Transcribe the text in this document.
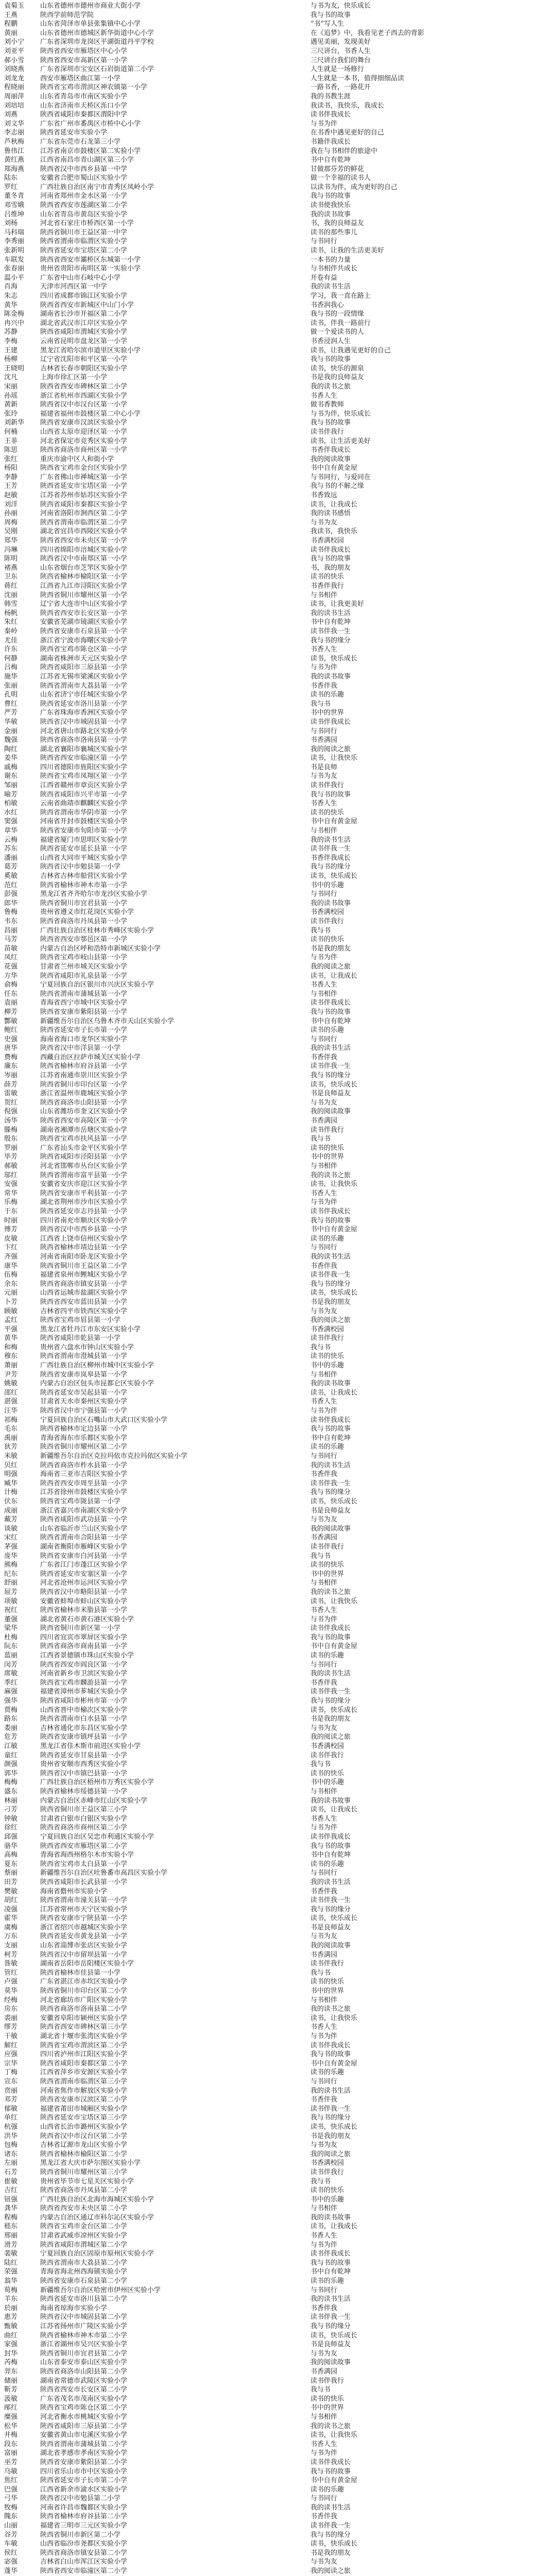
袁菊玉	山东省德州市德州市商业大街小学	与书为友，快乐成长
王燕	陕西学前师范学院	我与书的故事
程鹏	山东省菏泽市单县张集镇中心小学	“书”写人生
黄丽	山东省德州市德城区新华街道中心小学	在《追梦》中，我看见老子西去的背影
刘小宁	广东省深圳市龙岗区平湖街道丹平学校	遇见美丽，发现美好
刘亚平	陕西省西安市雁塔区中心小学	三尺讲台，书香人生
郝小雪	陕西省西安市高新区第一小学	三尺讲台我们的舞台
刘晓燕	广东省深圳市宝安区石岩街道第二小学	人生就是一场修行
刘龙龙	西安市雁塔区曲江第一小学	人生就是一本书，值得细细品读
程晓丽	陕西省宝鸡市渭滨区神农镇第一小学	一路书香，一路花开
周丽萍	山东省青岛市市南区实验小学	我的书教生涯
刘培培	山东省济南市天桥区泺口小学	我读书，我快乐，我成长
刘燕	陕西省咸阳市秦都区渭阳中学	读书伴我成长
刘文华	广东省广州市番禺区市桥中心小学	与书为伴
李志丽	陕西省延安市实验小学	在书香中遇见更好的自己
芦秋梅	广东省东莞市石龙第三小学	书籍伴我成长
鲁伟江	江苏省南京市鼓楼区第二实验小学	我在与书相伴的旅途中
黄红燕	江西省南昌市青山湖区第三小学	书中自有乾坤
郑海燕	陕西省汉中市西乡县第一中学	甘做那芬芳的鲜花
陆东	安徽省合肥市蜀山区实验小学	做一个幸福的读书人
罗红	广西壮族自治区南宁市青秀区凤岭小学	以读书为伴，成为更好的自己
董冬青	河南省郑州市金水区第一小学	我与书的故事
邓雪娥	陕西省西安市莲湖区第二小学	读书使我快乐
吕维坤	山东省青岛市黄岛区实验小学	我的读书故事
刘杨	河北省石家庄市桥西区第一小学	书，我的良师益友
马科瑞	陕西省铜川市王益区第一中学	读书的那些事儿
李秀丽	陕西省渭南市临渭区实验小学	与书同行
张新明	陕西省延安市宝塔区第二小学	读书，让我的生活更美好
车联发	陕西省西安市灞桥区东城第一小学	一本书的力量
张春丽	贵州省贵阳市南明区第一实验小学	与书相伴共成长
温小平	广东省中山市石岐中心小学	开卷有益
肖海	天津市河西区第一中学	我的读书生活
朱志	四川省成都市锦江区实验小学	学习，我一直在路上
黄华	陕西省西安市新城区中山门小学	书香润我心
陈金梅	湖南省长沙市开福区第二小学	我与书的一段情缘
冉兴中	湖北省武汉市江岸区实验小学	读书，伴我一路前行
苏静	陕西省咸阳市渭城区实验小学	做一个爱读书的人
李梅	云南省昆明市盘龙区第一小学	书香浸润人生
王建	黑龙江省哈尔滨市道里区实验小学	读书，让我遇见更好的自己
杨柳	辽宁省沈阳市和平区第一小学	我与书的故事
王晓明	吉林省长春市朝阳区实验小学	读书，快乐的源泉
沈凡	上海市徐汇区第一小学	书是我的良师益友
宋丽	陕西省西安市碑林区第二小学	我的读书之旅
孙瑶	浙江省杭州市西湖区实验小学	书香人生
黄新	陕西省汉中市汉台区第一小学	做书香教师
张玲	福建省福州市鼓楼区第二中心小学	与书为伴，快乐成长
刘新华	陕西省安康市汉滨区实验小学	我与书的故事
何楠	山西省太原市迎泽区第一小学	读书伴我行
王菲	河北省保定市竞秀区实验小学	读书，让生活更美好
陈思	陕西省商洛市商州区第一小学	书香伴我成长
张红	重庆市渝中区人和街小学	我的阅读故事
杨阳	陕西省宝鸡市金台区实验小学	书中自有黄金屋
李静	广东省佛山市禅城区第一小学	与书同行，与爱同在
王芳	陕西省延安市宝塔区第一小学	我与书的不解之缘
赵敏	江苏省苏州市姑苏区实验小学	书香致远
刘洋	陕西省咸阳市秦都区实验小学	读书，让我成长
孙丽	河南省洛阳市涧西区第二小学	我的读书感悟
周梅	陕西省渭南市临渭区第二小学	与书为友
吴刚	湖北省宜昌市西陵区实验小学	我读书，我快乐
郑华	陕西省西安市未央区第一小学	书香满校园
冯琳	四川省绵阳市涪城区实验小学	读书伴我成长
陈明	陕西省汉中市南郑区第一小学	我与书的故事
褚燕	山东省烟台市芝罘区实验小学	书，我的朋友
卫东	陕西省榆林市榆阳区第一小学	读书的快乐
蒋红	江西省九江市浔阳区实验小学	书香伴我行
沈丽	陕西省铜川市耀州区第一小学	与书相伴
韩雪	辽宁省大连市中山区实验小学	读书，让我更美好
杨帆	陕西省西安市长安区第一小学	我的读书生活
朱红	安徽省芜湖市镜湖区实验小学	书中自有乾坤
秦岭	陕西省安康市石泉县第一小学	读书伴我一生
尤佳	浙江省宁波市海曙区实验小学	我与书的缘分
许东	陕西省宝鸡市陈仓区第一小学	书香人生
何静	湖南省株洲市天元区实验小学	读书，快乐成长
吕梅	陕西省咸阳市三原县第一小学	与书为伴
施华	江苏省无锡市梁溪区实验小学	我的读书故事
张丽	陕西省渭南市大荔县第一小学	书香伴我
孔明	山东省济宁市任城区实验小学	读书的乐趣
曹红	陕西省延安市洛川县第一小学	我与书
严芳	广东省珠海市香洲区实验小学	书中的世界
华敏	陕西省汉中市城固县第一小学	读书伴我成长
金丽	河北省唐山市路北区实验小学	与书同行
魏强	陕西省商洛市洛南县第一小学	书香满园
陶红	湖北省襄阳市襄城区实验小学	我的阅读之旅
姜华	陕西省西安市临潼区第一小学	读书，让我快乐
戚梅	四川省德阳市旌阳区实验小学	书是良师
谢东	陕西省宝鸡市凤翔区第一小学	与书为友
邹丽	江西省赣州市章贡区实验小学	读书伴我行
喻芳	陕西省咸阳市兴平市第一小学	我与书的故事
柏敏	云南省曲靖市麒麟区实验小学	书香人生
水红	陕西省渭南市华阴市第一小学	读书的快乐
窦强	河南省开封市鼓楼区实验小学	书中自有黄金屋
章华	陕西省安康市旬阳市第一小学	与书相伴
云梅	福建省厦门市思明区实验小学	我的读书生活
苏东	陕西省延安市延长县第一小学	读书伴我一生
潘丽	山西省大同市平城区实验小学	书香伴我成长
葛芳	陕西省汉中市勉县第一小学	我与书的缘分
奚敏	吉林省吉林市船营区实验小学	读书，快乐成长
范红	陕西省榆林市神木市第一小学	书中的乐趣
彭强	黑龙江省齐齐哈尔市龙沙区实验小学	与书同行
郎华	陕西省铜川市宜君县第一小学	我的读书故事
鲁梅	贵州省遵义市红花岗区实验小学	书香满校园
韦东	陕西省商洛市丹凤县第一小学	读书伴我行
昌丽	广西壮族自治区桂林市秀峰区实验小学	我与书
马芳	陕西省西安市鄠邑区第一小学	读书的快乐
苗敏	内蒙古自治区呼和浩特市新城区实验小学	书是我的朋友
凤红	陕西省宝鸡市岐山县第一小学	与书为伴
花强	甘肃省兰州市城关区实验小学	我的阅读之旅
方华	陕西省咸阳市礼泉县第一小学	读书，让我成长
俞梅	宁夏回族自治区银川市兴庆区实验小学	书香人生
任东	陕西省渭南市蒲城县第一小学	与书相伴
袁丽	青海省西宁市城中区实验小学	读书伴我成长
柳芳	陕西省安康市紫阳县第一小学	我与书的故事
酆敏	新疆维吾尔自治区乌鲁木齐市天山区实验小学	书中自有乾坤
鲍红	陕西省延安市子长市第一小学	读书的乐趣
史强	海南省海口市龙华区实验小学	与书同行
唐华	陕西省汉中市洋县第一小学	我的读书生活
费梅	西藏自治区拉萨市城关区实验小学	书香伴我
廉东	陕西省榆林市府谷县第一小学	读书伴我一生
岑丽	江苏省南通市崇川区实验小学	我与书的缘分
薛芳	陕西省铜川市印台区第一小学	读书，快乐成长
雷敏	浙江省温州市鹿城区实验小学	书是良师益友
贺红	陕西省商洛市山阳县第一小学	与书为友
倪强	山东省潍坊市奎文区实验小学	我的阅读故事
汤华	陕西省西安市高陵区第一小学	书香满园
滕梅	湖南省湘潭市岳塘区实验小学	读书伴我行
殷东	陕西省宝鸡市扶风县第一小学	我与书
罗丽	广东省汕头市金平区实验小学	读书的快乐
毕芳	陕西省咸阳市泾阳县第一小学	书中的世界
郝敏	河北省邯郸市丛台区实验小学	与书相伴
邬红	陕西省渭南市富平县第一小学	我的读书之旅
安强	安徽省安庆市迎江区实验小学	读书，让我快乐
常华	陕西省安康市平利县第一小学	书香人生
乐梅	湖北省荆州市沙市区实验小学	与书为伴
于东	陕西省延安市志丹县第一小学	读书伴我成长
时丽	四川省南充市顺庆区实验小学	我与书的故事
傅芳	陕西省汉中市西乡县第一小学	书中自有黄金屋
皮敏	江西省上饶市信州区实验小学	读书的乐趣
卞红	陕西省榆林市靖边县第一小学	与书同行
齐强	河南省南阳市卧龙区实验小学	我的读书生活
康华	陕西省铜川市王益区第二小学	书香伴我
伍梅	福建省泉州市鲤城区实验小学	读书伴我一生
余东	陕西省商洛市镇安县第一小学	我与书的缘分
元丽	山西省运城市盐湖区实验小学	读书，快乐成长
卜芳	陕西省西安市蓝田县第一小学	书是我的朋友
顾敏	吉林省四平市铁西区实验小学	与书为友
孟红	陕西省宝鸡市眉县第一小学	我的阅读之旅
平强	黑龙江省牡丹江市东安区实验小学	书香满校园
黄华	陕西省咸阳市乾县第一小学	读书伴我行
和梅	贵州省六盘水市钟山区实验小学	我与书
穆东	陕西省渭南市澄城县第一小学	读书的快乐
萧丽	广西壮族自治区柳州市城中区实验小学	书中的乐趣
尹芳	陕西省安康市岚皋县第一小学	与书相伴
姚敏	内蒙古自治区包头市昆都仑区实验小学	我的读书故事
邵红	陕西省延安市吴起县第一小学	读书，让我成长
湛强	甘肃省天水市秦州区实验小学	书香人生
汪华	陕西省汉中市宁强县第一小学	与书为伴
祁梅	宁夏回族自治区石嘴山市大武口区实验小学	读书伴我成长
毛东	陕西省榆林市定边县第一小学	我与书的故事
禹丽	青海省海东市乐都区实验小学	书中自有乾坤
狄芳	陕西省铜川市耀州区第二小学	读书的乐趣
米敏	新疆维吾尔自治区克拉玛依市克拉玛依区实验小学	与书同行
贝红	陕西省商洛市柞水县第一小学	我的读书生活
明强	海南省三亚市吉阳区实验小学	书香伴我
臧华	陕西省西安市周至县第一小学	读书伴我一生
计梅	江苏省徐州市鼓楼区实验小学	我与书的缘分
伏东	陕西省宝鸡市陇县第一小学	读书，快乐成长
成丽	浙江省嘉兴市南湖区实验小学	书是良师益友
戴芳	陕西省咸阳市武功县第一小学	与书为友
谈敏	山东省临沂市兰山区实验小学	我的阅读故事
宋红	陕西省渭南市合阳县第一小学	书香满园
茅强	湖南省衡阳市雁峰区实验小学	读书伴我行
庞华	陕西省安康市白河县第一小学	我与书
熊梅	广东省江门市蓬江区实验小学	读书的快乐
纪东	陕西省延安市安塞区第一小学	书中的世界
舒丽	河北省沧州市运河区实验小学	与书相伴
屈芳	陕西省汉中市略阳县第一小学	我的读书之旅
项敏	安徽省蚌埠市蚌山区实验小学	读书，让我快乐
祝红	陕西省榆林市米脂县第一小学	书香人生
董强	湖北省黄石市黄石港区实验小学	与书为伴
梁华	陕西省铜川市新区第一小学	读书伴我成长
杜梅	四川省宜宾市翠屏区实验小学	我与书的故事
阮东	陕西省商洛市商南县第一小学	书中自有黄金屋
蓝丽	江西省景德镇市珠山区实验小学	读书的乐趣
闵芳	陕西省西安市阎良区第一小学	与书同行
席敏	河南省新乡市卫滨区实验小学	我的读书生活
季红	陕西省宝鸡市麟游县第一小学	书香伴我
麻强	福建省漳州市芗城区实验小学	读书伴我一生
强华	陕西省咸阳市彬州市第一小学	我与书的缘分
贾梅	山西省晋中市榆次区实验小学	读书，快乐成长
路东	陕西省渭南市白水县第一小学	书是我的朋友
娄丽	吉林省通化市东昌区实验小学	与书为友
危芳	陕西省安康市镇坪县第一小学	我的阅读之旅
江敏	黑龙江省佳木斯市前进区实验小学	书香满校园
童红	陕西省延安市甘泉县第一小学	读书伴我行
颜强	贵州省安顺市西秀区实验小学	我与书
郭华	陕西省汉中市镇巴县第一小学	读书的快乐
梅梅	广西壮族自治区梧州市万秀区实验小学	书中的乐趣
盛东	陕西省榆林市绥德县第一小学	与书相伴
林丽	内蒙古自治区赤峰市红山区实验小学	我的读书故事
刁芳	陕西省铜川市王益区第三小学	读书，让我成长
钟敏	甘肃省白银市白银区实验小学	书香人生
徐红	陕西省商洛市商州区第二小学	与书为伴
邱强	宁夏回族自治区吴忠市利通区实验小学	读书伴我成长
骆华	陕西省西安市雁塔区第二小学	我与书的故事
高梅	青海省海西州格尔木市实验小学	书中自有乾坤
夏东	陕西省宝鸡市太白县第一小学	读书的乐趣
蔡丽	新疆维吾尔自治区吐鲁番市高昌区实验小学	与书同行
田芳	陕西省咸阳市长武县第一小学	我的读书生活
樊敏	海南省儋州市实验小学	书香伴我
胡红	陕西省渭南市潼关县第一小学	读书伴我一生
凌强	江苏省常州市天宁区实验小学	我与书的缘分
霍华	陕西省安康市宁陕县第一小学	读书，快乐成长
虞梅	浙江省绍兴市越城区实验小学	书是良师益友
万东	陕西省延安市黄龙县第一小学	与书为友
支丽	山东省淄博市张店区实验小学	我的阅读故事
柯芳	陕西省汉中市留坝县第一小学	书香满园
昝敏	湖南省岳阳市岳阳楼区实验小学	读书伴我行
管红	陕西省榆林市佳县第一小学	我与书
卢强	广东省湛江市赤坎区实验小学	读书的快乐
莫华	陕西省铜川市印台区第二小学	书中的世界
经梅	河北省廊坊市广阳区实验小学	与书相伴
房东	陕西省商洛市洛南县第二小学	我的读书之旅
裘丽	安徽省阜阳市颍州区实验小学	读书，让我快乐
缪芳	陕西省西安市碑林区第三小学	书香人生
干敏	湖北省十堰市张湾区实验小学	与书为伴
解红	陕西省宝鸡市渭滨区第二小学	读书伴我成长
应强	四川省泸州市江阳区实验小学	我与书的故事
宗华	陕西省咸阳市秦都区第二小学	书中自有黄金屋
丁梅	江西省萍乡市安源区实验小学	读书的乐趣
宣东	陕西省渭南市临渭区第三小学	与书同行
贲丽	河南省焦作市解放区实验小学	我的读书生活
邓芳	陕西省安康市汉滨区第二小学	书香伴我
郁敏	福建省莆田市城厢区实验小学	读书伴我一生
单红	陕西省延安市宝塔区第三小学	我与书的缘分
杭强	山西省长治市潞州区实验小学	读书，快乐成长
洪华	陕西省汉中市汉台区第二小学	书是我的朋友
包梅	吉林省辽源市龙山区实验小学	与书为友
诸东	陕西省榆林市榆阳区第二小学	我的阅读之旅
左丽	黑龙江省大庆市萨尔图区实验小学	书香满校园
石芳	陕西省铜川市耀州区第三小学	读书伴我行
崔敏	贵州省毕节市七星关区实验小学	我与书
吉红	陕西省商洛市丹凤县第二小学	读书的快乐
钮强	广西壮族自治区北海市海城区实验小学	书中的乐趣
龚华	陕西省西安市未央区第二小学	与书相伴
程梅	内蒙古自治区通辽市科尔沁区实验小学	我的读书故事
嵇东	陕西省宝鸡市金台区第二小学	读书，让我成长
邢丽	甘肃省武威市凉州区实验小学	书香人生
滑芳	陕西省咸阳市渭城区第二小学	与书为伴
裴敏	宁夏回族自治区固原市原州区实验小学	读书伴我成长
陆红	陕西省渭南市大荔县第二小学	我与书的故事
荣强	青海省海北州西海镇实验小学	书中自有乾坤
翁华	陕西省安康市石泉县第二小学	读书的乐趣
荀梅	新疆维吾尔自治区哈密市伊州区实验小学	与书同行
羊东	陕西省延安市洛川县第二小学	我的读书生活
於丽	海南省琼海市实验小学	书香伴我
惠芳	陕西省汉中市城固县第二小学	读书伴我一生
甄敏	江苏省扬州市广陵区实验小学	我与书的缘分
曲红	陕西省榆林市神木市第二小学	读书，快乐成长
家强	浙江省湖州市吴兴区实验小学	书是良师益友
封华	陕西省铜川市宜君县第二小学	与书为友
芮梅	山东省泰安市泰山区实验小学	我的阅读故事
羿东	陕西省商洛市山阳县第二小学	书香满园
储丽	湖南省常德市武陵区实验小学	读书伴我行
靳芳	陕西省西安市长安区第二小学	我与书
汲敏	广东省茂名市茂南区实验小学	读书的快乐
邴红	陕西省宝鸡市陈仓区第二小学	书中的世界
糜强	河北省衡水市桃城区实验小学	与书相伴
松华	陕西省咸阳市三原县第二小学	我的读书之旅
井梅	安徽省黄山市屯溪区实验小学	读书，让我快乐
段东	陕西省渭南市蒲城县第二小学	书香人生
富丽	湖北省孝感市孝南区实验小学	与书为伴
巫芳	陕西省安康市紫阳县第二小学	读书伴我成长
乌敏	四川省乐山市市中区实验小学	我与书的故事
焦红	陕西省延安市子长市第二小学	书中自有黄金屋
巴强	江西省新余市渝水区实验小学	读书的乐趣
弓华	陕西省汉中市勉县第二小学	与书同行
牧梅	河南省许昌市魏都区实验小学	我的读书生活
隗东	陕西省榆林市府谷县第二小学	书香伴我
山丽	福建省三明市三元区实验小学	读书伴我一生
谷芳	陕西省铜川市新区第二小学	我与书的缘分
车敏	山西省临汾市尧都区实验小学	读书，快乐成长
侯红	陕西省商洛市镇安县第二小学	书是我的朋友
宓强	吉林省白山市浑江区实验小学	与书为友
蓬华	陕西省西安市临潼区第二小学	我的阅读之旅
